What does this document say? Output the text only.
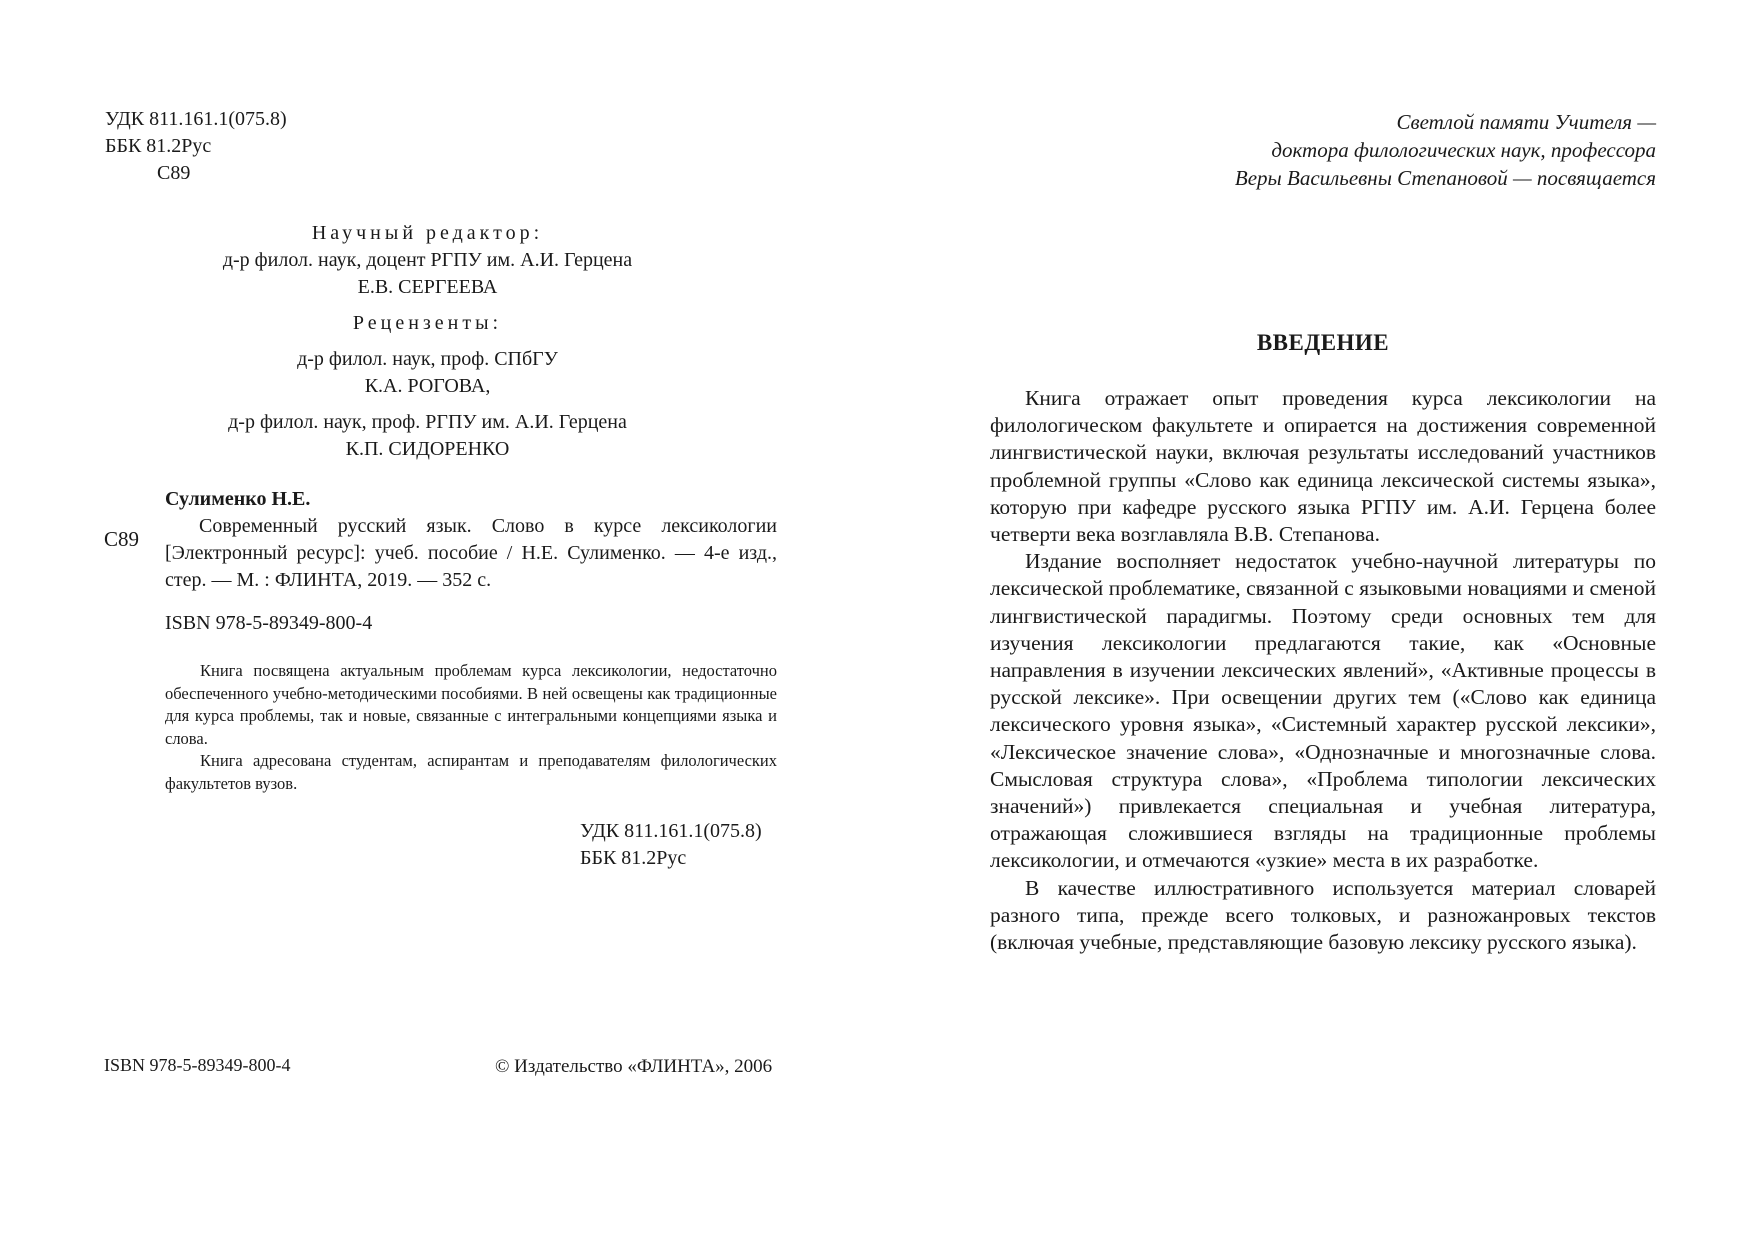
УДК 811.161.1(075.8)
ББК 81.2Рус
С89
Научный редактор:
д-р филол. наук, доцент РГПУ им. А.И. Герцена
Е.В. СЕРГЕЕВА
Рецензенты:
д-р филол. наук, проф. СПбГУ
К.А. РОГОВА,
д-р филол. наук, проф. РГПУ им. А.И. Герцена
К.П. СИДОРЕНКО
С89
Сулименко Н.Е.
Современный русский язык. Слово в курсе лексикологии [Электронный ресурс]: учеб. пособие / Н.Е. Сулименко. — 4-е изд., стер. — М. : ФЛИНТА, 2019. — 352 с.
ISBN 978-5-89349-800-4

Книга посвящена актуальным проблемам курса лексикологии, недостаточно обеспеченного учебно-методическими пособиями. В ней освещены как традиционные для курса проблемы, так и новые, связанные с интегральными концепциями языка и слова.

Книга адресована студентам, аспирантам и преподавателям филологических факультетов вузов.

УДК 811.161.1(075.8)
ББК 81.2Рус
ISBN 978-5-89349-800-4	© Издательство «ФЛИНТА», 2006
Светлой памяти Учителя —
доктора филологических наук, профессора
Веры Васильевны Степановой — посвящается
ВВЕДЕНИЕ

Книга отражает опыт проведения курса лексикологии на филологическом факультете и опирается на достижения современной лингвистической науки, включая результаты исследований участников проблемной группы «Слово как единица лексической системы языка», которую при кафедре русского языка РГПУ им. А.И. Герцена более четверти века возглавляла В.В. Степанова.

Издание восполняет недостаток учебно-научной литературы по лексической проблематике, связанной с языковыми новациями и сменой лингвистической парадигмы. Поэтому среди основных тем для изучения лексикологии предлагаются такие, как «Основные направления в изучении лексических явлений», «Активные процессы в русской лексике». При освещении других тем («Слово как единица лексического уровня языка», «Системный характер русской лексики», «Лексическое значение слова», «Однозначные и многозначные слова. Смысловая структура слова», «Проблема типологии лексических значений») привлекается специальная и учебная литература, отражающая сложившиеся взгляды на традиционные проблемы лексикологии, и отмечаются «узкие» места в их разработке.

В качестве иллюстративного используется материал словарей разного типа, прежде всего толковых, и разножанровых текстов (включая учебные, представляющие базовую лексику русского языка).
